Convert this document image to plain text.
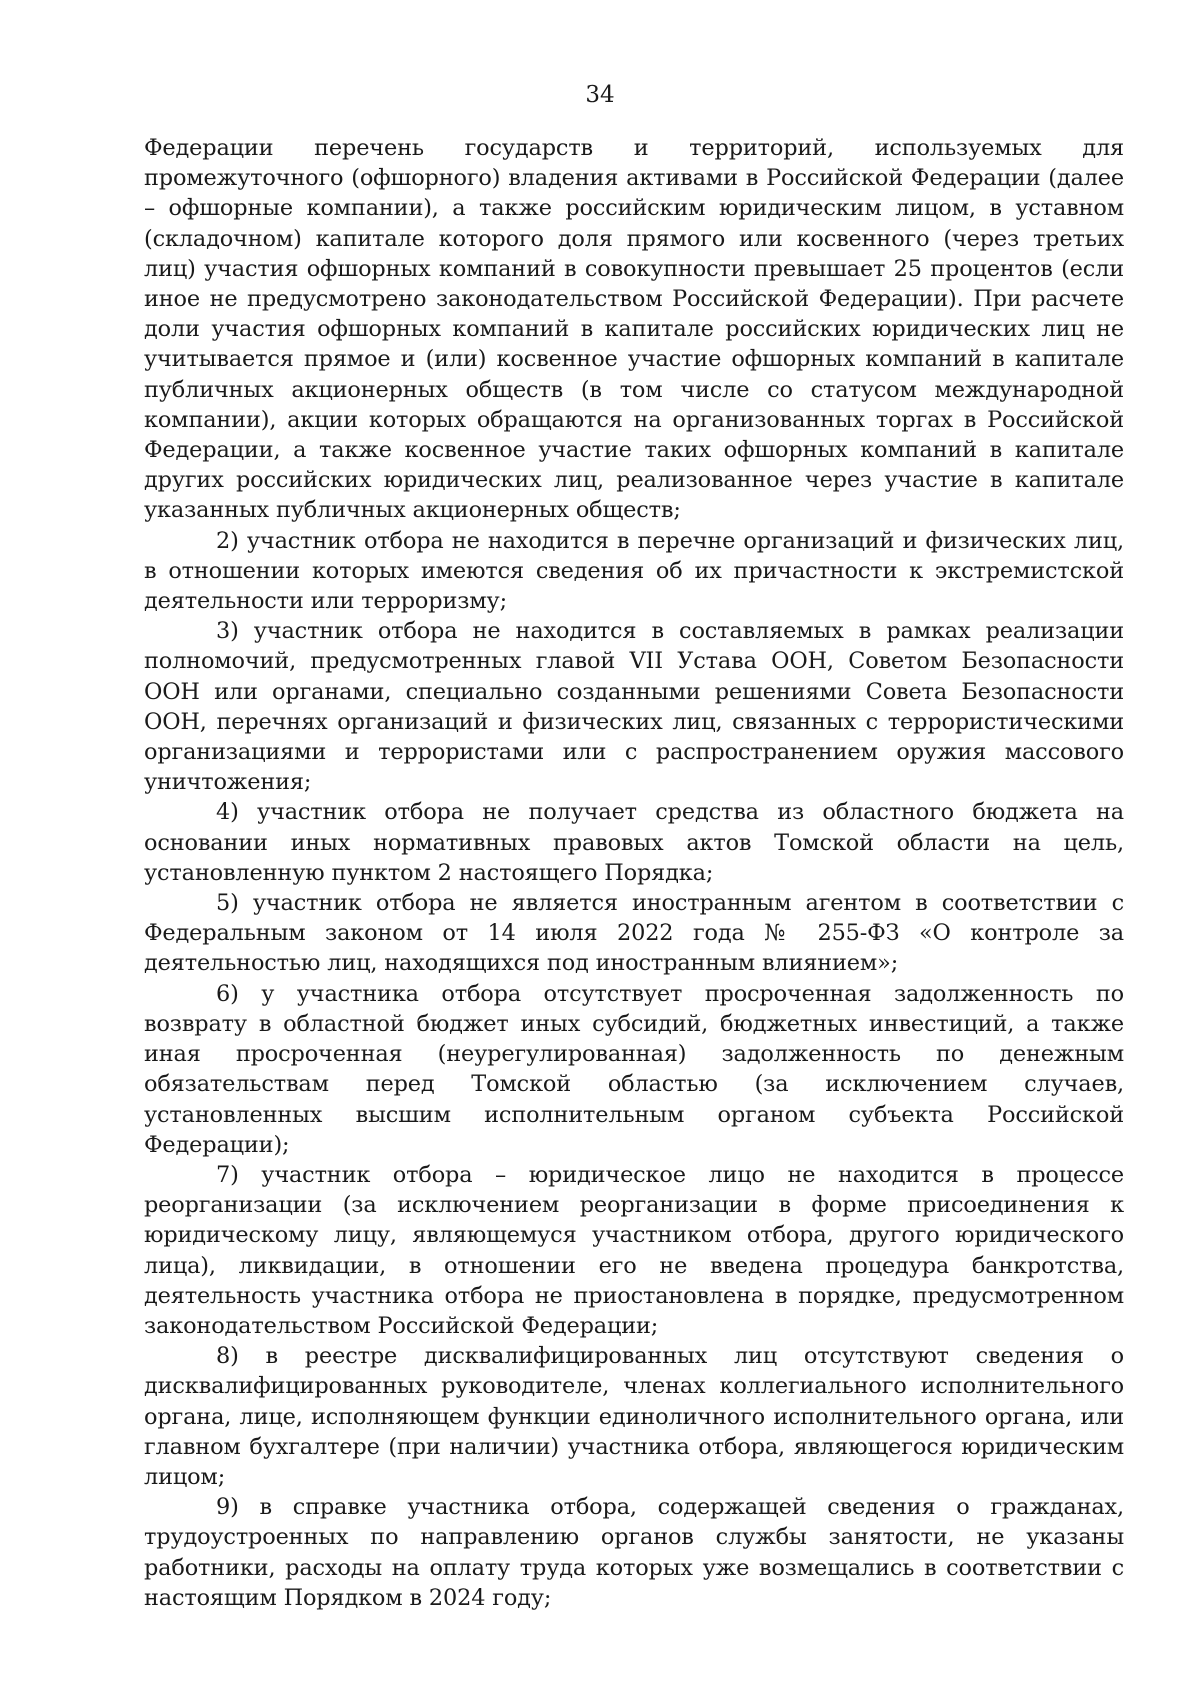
34

Федерации перечень государств и территорий, используемых для промежуточного (офшорного) владения активами в Российской Федерации (далее – офшорные компании), а также российским юридическим лицом, в уставном (складочном) капитале которого доля прямого или косвенного (через третьих лиц) участия офшорных компаний в совокупности превышает 25 процентов (если иное не предусмотрено законодательством Российской Федерации). При расчете доли участия офшорных компаний в капитале российских юридических лиц не учитывается прямое и (или) косвенное участие офшорных компаний в капитале публичных акционерных обществ (в том числе со статусом международной компании), акции которых обращаются на организованных торгах в Российской Федерации, а также косвенное участие таких офшорных компаний в капитале других российских юридических лиц, реализованное через участие в капитале указанных публичных акционерных обществ;

2) участник отбора не находится в перечне организаций и физических лиц, в отношении которых имеются сведения об их причастности к экстремистской деятельности или терроризму;

3) участник отбора не находится в составляемых в рамках реализации полномочий, предусмотренных главой VII Устава ООН, Советом Безопасности ООН или органами, специально созданными решениями Совета Безопасности ООН, перечнях организаций и физических лиц, связанных с террористическими организациями и террористами или с распространением оружия массового уничтожения;

4) участник отбора не получает средства из областного бюджета на основании иных нормативных правовых актов Томской области на цель, установленную пунктом 2 настоящего Порядка;

5) участник отбора не является иностранным агентом в соответствии с Федеральным законом от 14 июля 2022 года № 255-ФЗ «О контроле за деятельностью лиц, находящихся под иностранным влиянием»;

6) у участника отбора отсутствует просроченная задолженность по возврату в областной бюджет иных субсидий, бюджетных инвестиций, а также иная просроченная (неурегулированная) задолженность по денежным обязательствам перед Томской областью (за исключением случаев, установленных высшим исполнительным органом субъекта Российской Федерации);

7) участник отбора – юридическое лицо не находится в процессе реорганизации (за исключением реорганизации в форме присоединения к юридическому лицу, являющемуся участником отбора, другого юридического лица), ликвидации, в отношении его не введена процедура банкротства, деятельность участника отбора не приостановлена в порядке, предусмотренном законодательством Российской Федерации;

8) в реестре дисквалифицированных лиц отсутствуют сведения о дисквалифицированных руководителе, членах коллегиального исполнительного органа, лице, исполняющем функции единоличного исполнительного органа, или главном бухгалтере (при наличии) участника отбора, являющегося юридическим лицом;

9) в справке участника отбора, содержащей сведения о гражданах, трудоустроенных по направлению органов службы занятости, не указаны работники, расходы на оплату труда которых уже возмещались в соответствии с настоящим Порядком в 2024 году;
